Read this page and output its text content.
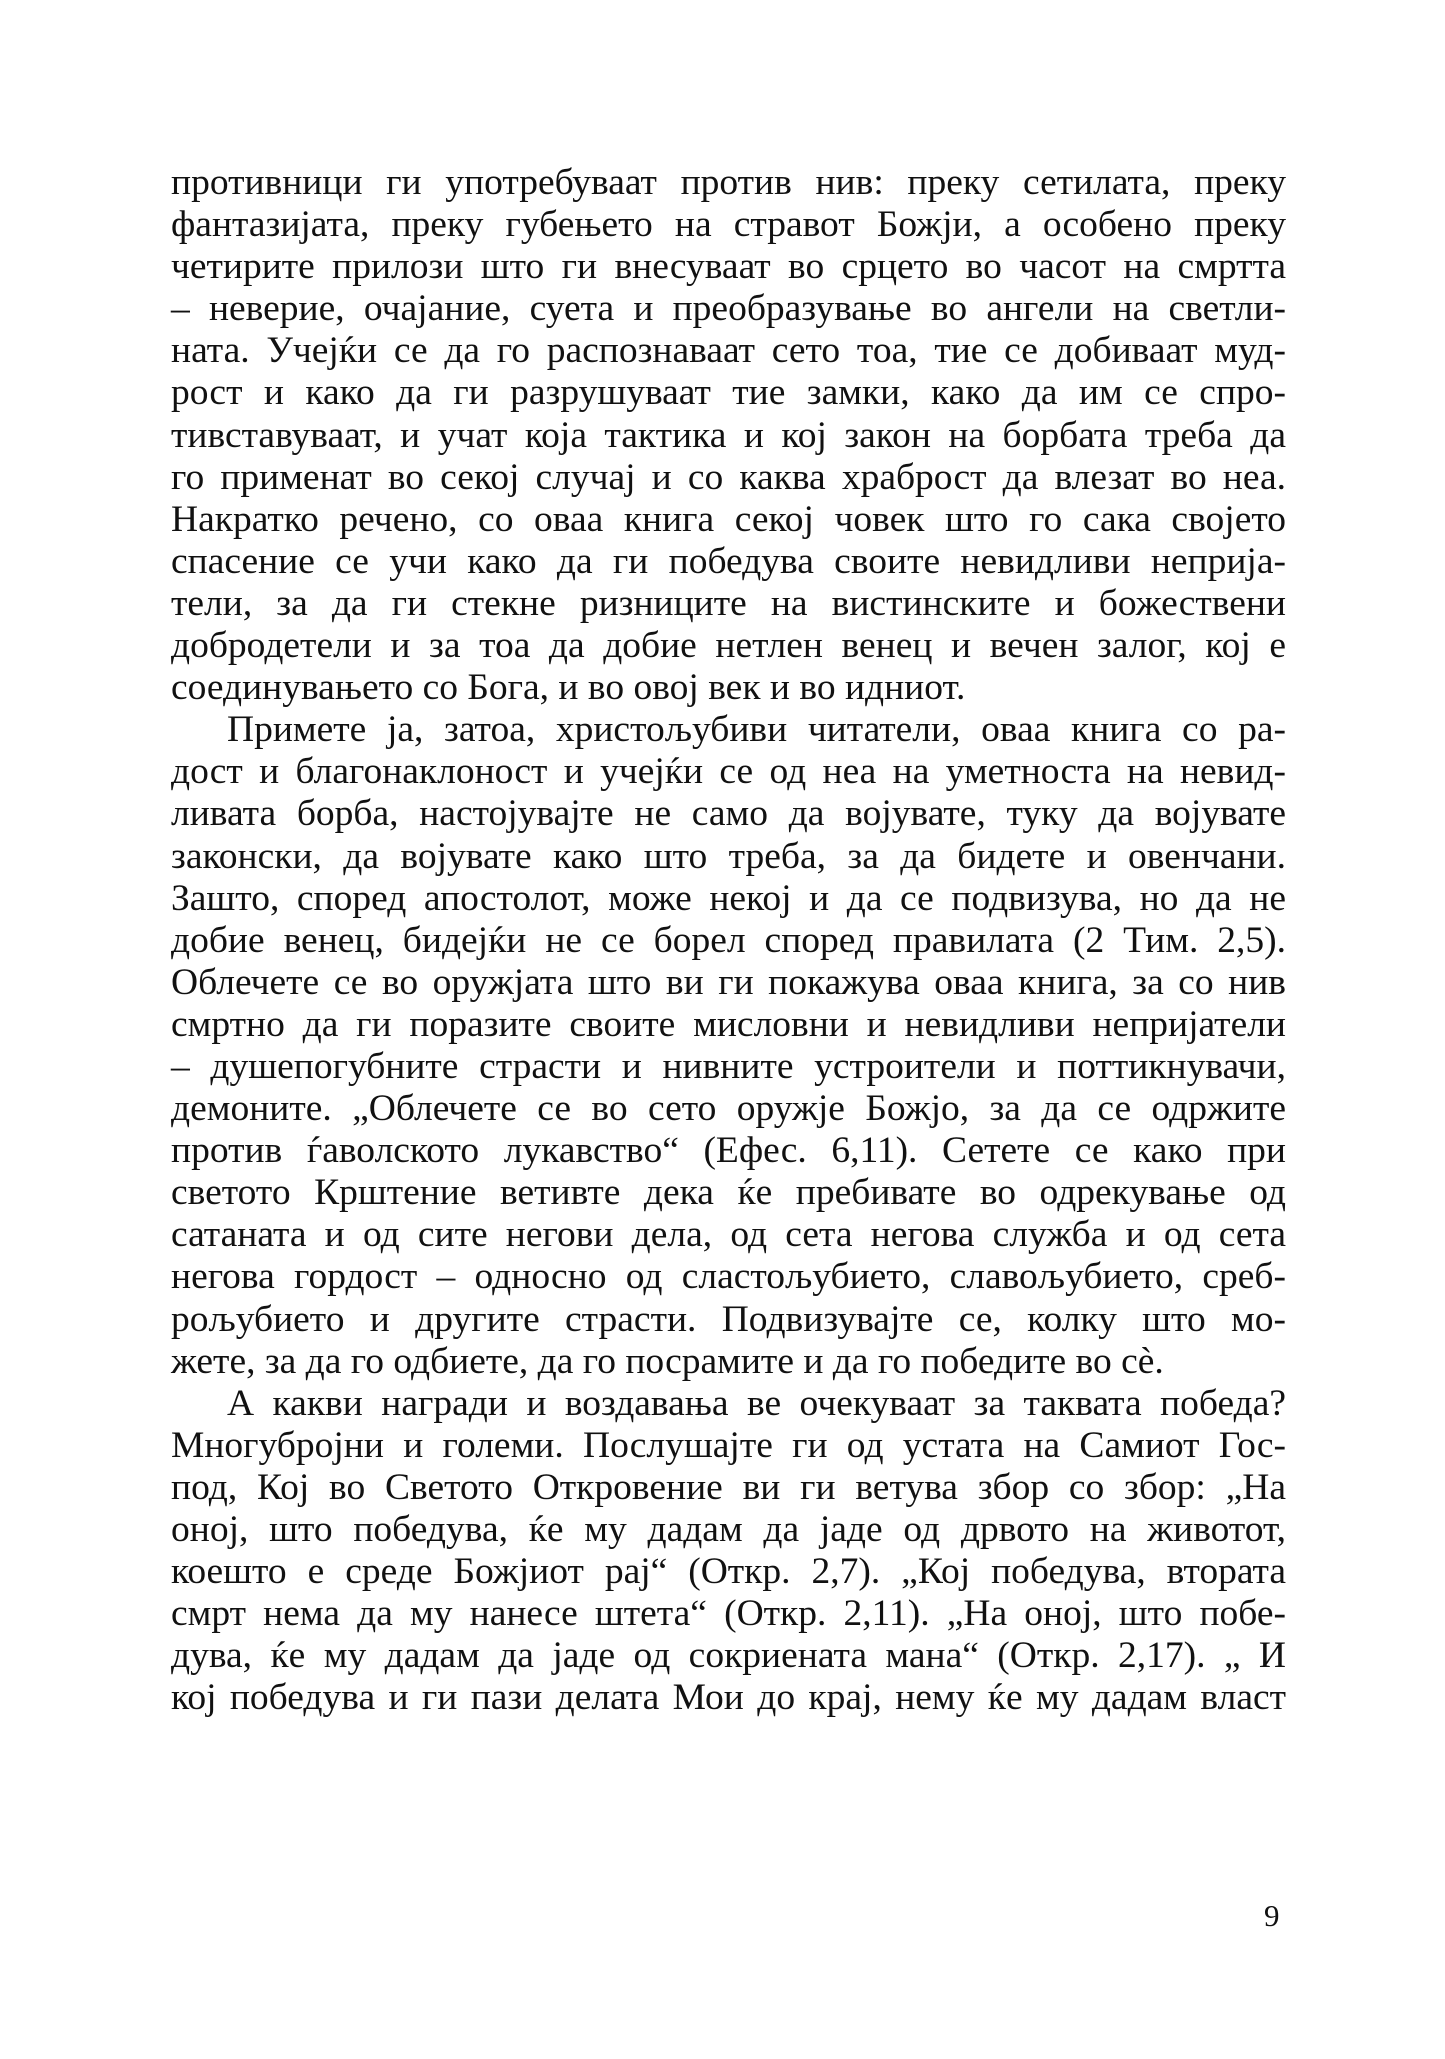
противници ги употребуваат против нив: преку сетилата, преку
фантазијата, преку губењето на стравот Божји, а особено преку
четирите прилози што ги внесуваат во срцето во часот на смртта
– неверие, очајание, суета и преобразување во ангели на светли-
ната. Учејќи се да го распознаваат сето тоа, тие се добиваат муд-
рост и како да ги разрушуваат тие замки, како да им се спро-
тивставуваат, и учат која тактика и кој закон на борбата треба да
го применат во секој случај и со каква храброст да влезат во неа.
Накратко речено, со оваа книга секој човек што го сака својето
спасение се учи како да ги победува своите невидливи неприја-
тели, за да ги стекне ризниците на вистинските и божествени
добродетели и за тоа да добие нетлен венец и вечен залог, кој е
соединувањето со Бога, и во овој век и во идниот.
Примете ја, затоа, христољубиви читатели, оваа книга со ра-
дост и благонаклоност и учејќи се од неа на уметноста на невид-
ливата борба, настојувајте не само да војувате, туку да војувате
законски, да војувате како што треба, за да бидете и овенчани.
Зашто, според апостолот, може некој и да се подвизува, но да не
добие венец, бидејќи не се борел според правилата (2 Тим. 2,5).
Облечете се во оружјата што ви ги покажува оваа книга, за со нив
смртно да ги поразите своите мисловни и невидливи непријатели
– душепогубните страсти и нивните устроители и поттикнувачи,
демоните. „Облечете се во сето оружје Божјо, за да се одржите
против ѓаволското лукавство“ (Ефес. 6,11). Сетете се како при
светото Крштение ветивте дека ќе пребивате во одрекување од
сатаната и од сите негови дела, од сета негова служба и од сета
негова гордост – односно од сластољубието, славољубието, среб-
рољубието и другите страсти. Подвизувајте се, колку што мо-
жете, за да го одбиете, да го посрамите и да го победите во сè.
А какви награди и воздавања ве очекуваат за таквата победа?
Многубројни и големи. Послушајте ги од устата на Самиот Гос-
под, Кој во Светото Откровение ви ги ветува збор со збор: „На
оној, што победува, ќе му дадам да јаде од дрвото на животот,
коешто е среде Божјиот рај“ (Откр. 2,7). „Кој победува, втората
смрт нема да му нанесе штета“ (Откр. 2,11). „На оној, што побе-
дува, ќе му дадам да јаде од сокриената мана“ (Откр. 2,17). „ И
кој победува и ги пази делата Мои до крај, нему ќе му дадам власт
9
